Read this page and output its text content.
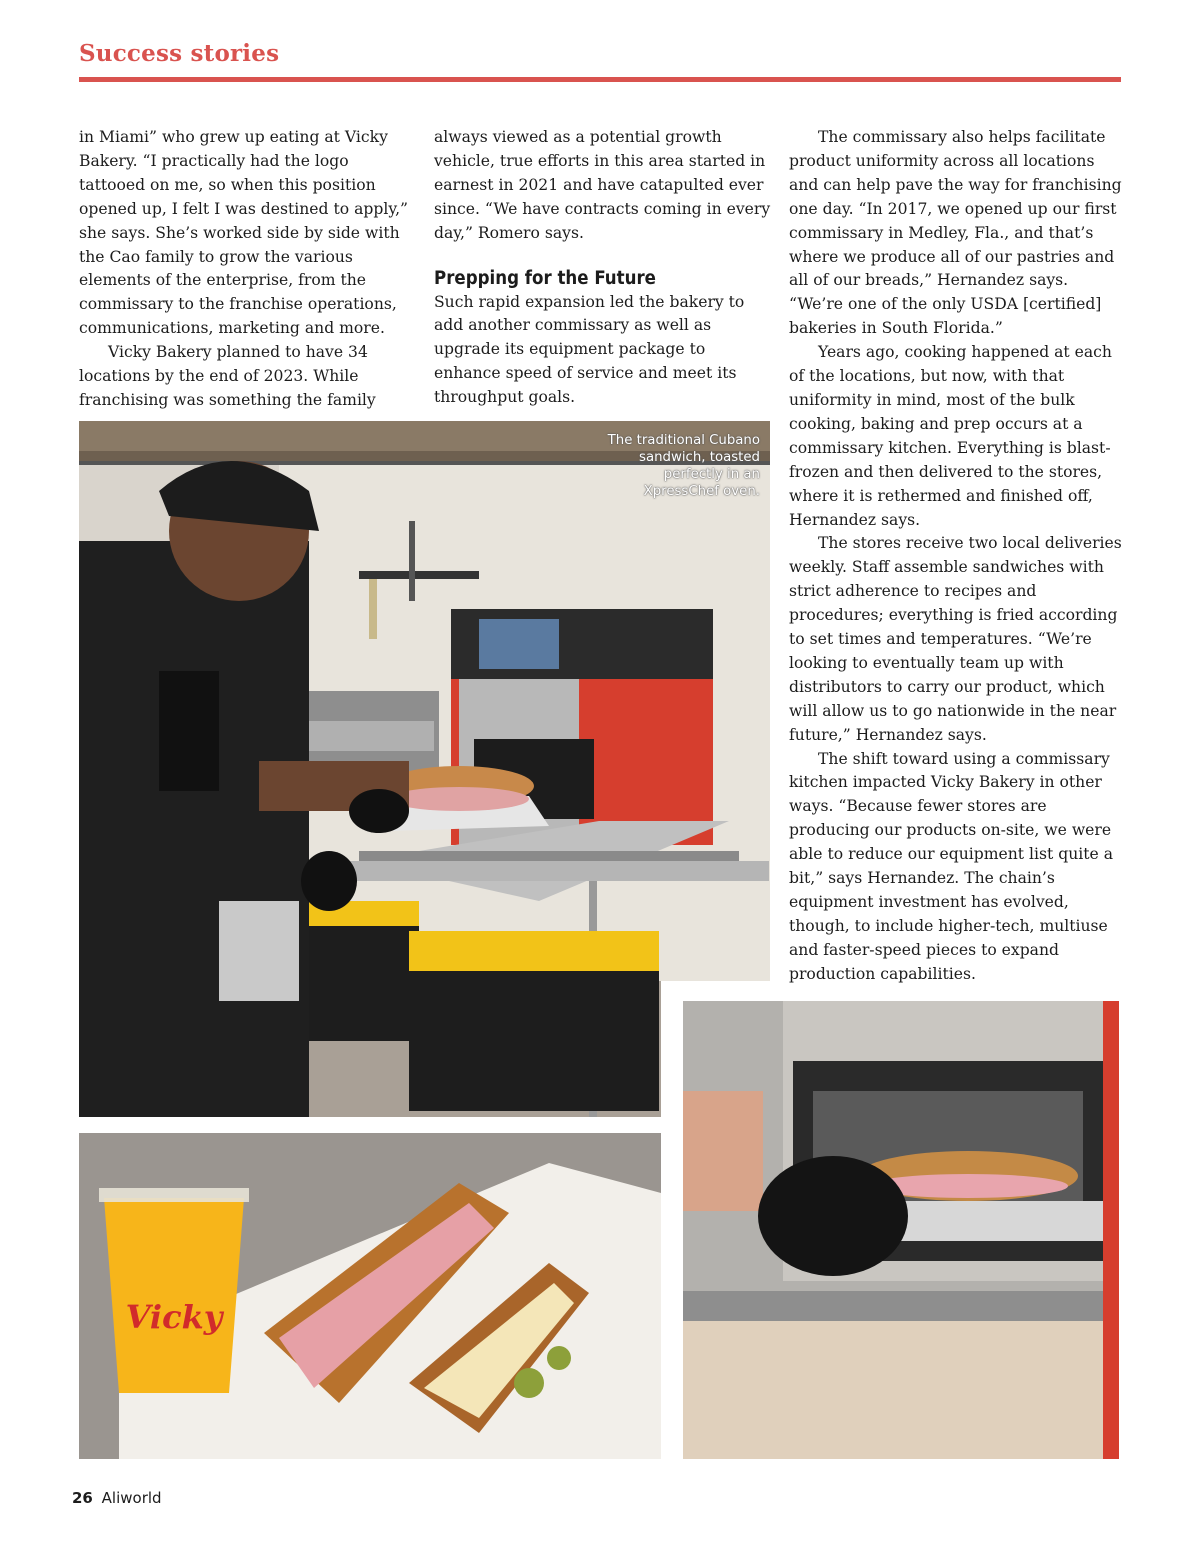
Success stories

in Miami” who grew up eating at Vicky Bakery. “I practically had the logo tattooed on me, so when this position opened up, I felt I was destined to apply,” she says. She’s worked side by side with the Cao family to grow the various elements of the enterprise, from the commissary to the franchise operations, communications, marketing and more.

Vicky Bakery planned to have 34 locations by the end of 2023. While franchising was something the family

always viewed as a potential growth vehicle, true efforts in this area started in earnest in 2021 and have catapulted ever since. “We have contracts coming in every day,” Romero says.

Prepping for the Future

Such rapid expansion led the bakery to add another commissary as well as upgrade its equipment package to enhance speed of service and meet its throughput goals.

The commissary also helps facilitate product uniformity across all locations and can help pave the way for franchising one day. “In 2017, we opened up our first commissary in Medley, Fla., and that’s where we produce all of our pastries and all of our breads,” Hernandez says. “We’re one of the only USDA [certified] bakeries in South Florida.”

Years ago, cooking happened at each of the locations, but now, with that uniformity in mind, most of the bulk cooking, baking and prep occurs at a commissary kitchen. Everything is blast-frozen and then delivered to the stores, where it is rethermed and finished off, Hernandez says.

The stores receive two local deliveries weekly. Staff assemble sandwiches with strict adherence to recipes and procedures; everything is fried according to set times and temperatures. “We’re looking to eventually team up with distributors to carry our product, which will allow us to go nationwide in the near future,” Hernandez says.

The shift toward using a commissary kitchen impacted Vicky Bakery in other ways. “Because fewer stores are producing our products on-site, we were able to reduce our equipment list quite a bit,” says Hernandez. The chain’s equipment investment has evolved, though, to include higher-tech, multiuse and faster-speed pieces to expand production capabilities.

Vicky
The traditional Cubano sandwich, toasted perfectly in an XpressChef oven.
26 Aliworld
